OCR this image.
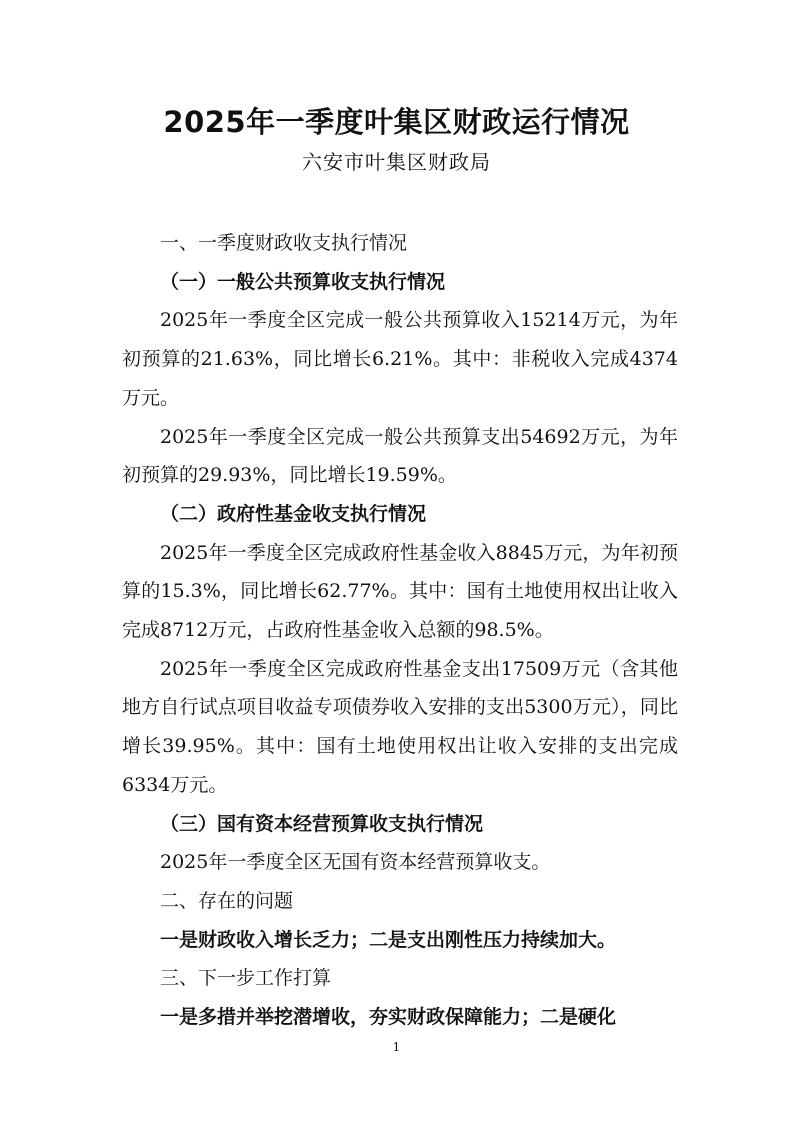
2025年一季度叶集区财政运行情况
六安市叶集区财政局

一、一季度财政收支执行情况

（一）一般公共预算收支执行情况

2025年一季度全区完成一般公共预算收入15214万元，为年初预算的21.63%，同比增长6.21%。其中：非税收入完成4374万元。

2025年一季度全区完成一般公共预算支出54692万元，为年初预算的29.93%，同比增长19.59%。

（二）政府性基金收支执行情况

2025年一季度全区完成政府性基金收入8845万元，为年初预算的15.3%，同比增长62.77%。其中：国有土地使用权出让收入完成8712万元，占政府性基金收入总额的98.5%。

2025年一季度全区完成政府性基金支出17509万元（含其他地方自行试点项目收益专项债券收入安排的支出5300万元），同比增长39.95%。其中：国有土地使用权出让收入安排的支出完成6334万元。

（三）国有资本经营预算收支执行情况

2025年一季度全区无国有资本经营预算收支。

二、存在的问题

一是财政收入增长乏力；二是支出刚性压力持续加大。

三、下一步工作打算

一是多措并举挖潜增收，夯实财政保障能力；二是硬化

1
